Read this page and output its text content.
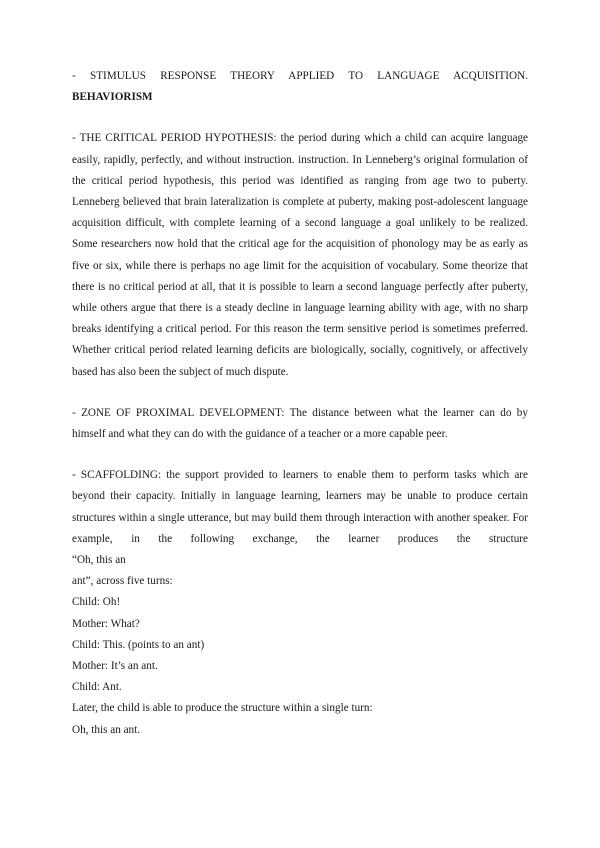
- STIMULUS RESPONSE THEORY APPLIED TO LANGUAGE ACQUISITION.
BEHAVIORISM

- THE CRITICAL PERIOD HYPOTHESIS: the period during which a child can acquire language easily, rapidly, perfectly, and without instruction. instruction. In Lenneberg’s original formulation of the critical period hypothesis, this period was identified as ranging from age two to puberty. Lenneberg believed that brain lateralization is complete at puberty, making post-adolescent language acquisition difficult, with complete learning of a second language a goal unlikely to be realized. Some researchers now hold that the critical age for the acquisition of phonology may be as early as five or six, while there is perhaps no age limit for the acquisition of vocabulary. Some theorize that there is no critical period at all, that it is possible to learn a second language perfectly after puberty, while others argue that there is a steady decline in language learning ability with age, with no sharp breaks identifying a critical period. For this reason the term sensitive period is sometimes preferred. Whether critical period related learning deficits are biologically, socially, cognitively, or affectively based has also been the subject of much dispute.

- ZONE OF PROXIMAL DEVELOPMENT: The distance between what the learner can do by himself and what they can do with the guidance of a teacher or a more capable peer.

- SCAFFOLDING: the support provided to learners to enable them to perform tasks which are beyond their capacity. Initially in language learning, learners may be unable to produce certain structures within a single utterance, but may build them through interaction with another speaker. For example, in the following exchange, the learner produces the structure
“Oh, this an
ant”, across five turns:
Child: Oh!
Mother: What?
Child: This. (points to an ant)
Mother: It’s an ant.
Child: Ant.
Later, the child is able to produce the structure within a single turn:
Oh, this an ant.
